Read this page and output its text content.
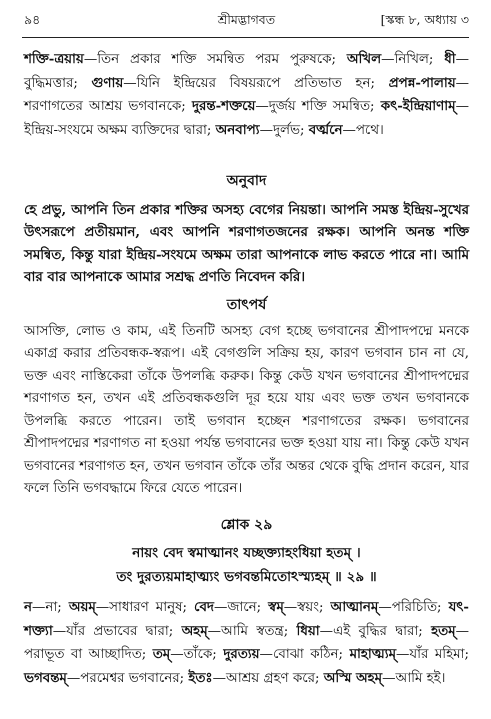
৯৪	শ্রীমদ্ভাগবত	[স্কন্ধ ৮, অধ্যায় ৩

শক্তি-ত্রয়ায়—তিন প্রকার শক্তি সমন্বিত পরম পুরুষকে; অখিল—নিখিল; ধী—বুদ্ধিমত্তার; গুণায়—যিনি ইন্দ্রিয়ের বিষয়রূপে প্রতিভাত হন; প্রপন্ন-পালায়—শরণাগতের আশ্রয় ভগবানকে; দুরন্ত-শক্তয়ে—দুর্জয় শক্তি সমন্বিত; কৎ-ইন্দ্রিয়াণাম্—ইন্দ্রিয়-সংযমে অক্ষম ব্যক্তিদের দ্বারা; অনবাপ্য—দুর্লভ; বর্ত্মনে—পথে।

অনুবাদ

হে প্রভু, আপনি তিন প্রকার শক্তির অসহ্য বেগের নিয়ন্তা। আপনি সমস্ত ইন্দ্রিয়-সুখের উৎসরূপে প্রতীয়মান, এবং আপনি শরণাগতজনের রক্ষক। আপনি অনন্ত শক্তি সমন্বিত, কিন্তু যারা ইন্দ্রিয়-সংযমে অক্ষম তারা আপনাকে লাভ করতে পারে না। আমি বার বার আপনাকে আমার সশ্রদ্ধ প্রণতি নিবেদন করি।

তাৎপর্য

আসক্তি, লোভ ও কাম, এই তিনটি অসহ্য বেগ হচ্ছে ভগবানের শ্রীপাদপদ্মে মনকে একাগ্র করার প্রতিবন্ধক-স্বরূপ। এই বেগগুলি সক্রিয় হয়, কারণ ভগবান চান না যে, ভক্ত এবং নাস্তিকেরা তাঁকে উপলব্ধি করুক। কিন্তু কেউ যখন ভগবানের শ্রীপাদপদ্মের শরণাগত হন, তখন এই প্রতিবন্ধকগুলি দূর হয়ে যায় এবং ভক্ত তখন ভগবানকে উপলব্ধি করতে পারেন। তাই ভগবান হচ্ছেন শরণাগতের রক্ষক। ভগবানের শ্রীপাদপদ্মের শরণাগত না হওয়া পর্যন্ত ভগবানের ভক্ত হওয়া যায় না। কিন্তু কেউ যখন ভগবানের শরণাগত হন, তখন ভগবান তাঁকে তাঁর অন্তর থেকে বুদ্ধি প্রদান করেন, যার ফলে তিনি ভগবদ্ধামে ফিরে যেতে পারেন।

শ্লোক ২৯
নায়ং বেদ স্বমাত্মানং যচ্ছক্ত্যাহংধিয়া হতম্ ।
তং দুরত্যয়মাহাত্ম্যং ভগবন্তমিতোঽস্ম্যহম্ ॥ ২৯ ॥

ন—না; অয়ম্—সাধারণ মানুষ; বেদ—জানে; স্বম্—স্বয়ং; আত্মানম্—পরিচিতি; যৎ-শক্ত্যা—যাঁর প্রভাবের দ্বারা; অহম্—আমি স্বতন্ত্র; ধিয়া—এই বুদ্ধির দ্বারা; হতম্—পরাভূত বা আচ্ছাদিত; তম্—তাঁকে; দুরত্যয়—বোঝা কঠিন; মাহাত্ম্যম্—যাঁর মহিমা; ভগবন্তম্—পরমেশ্বর ভগবানের; ইতঃ—আশ্রয় গ্রহণ করে; অস্মি অহম্—আমি হই।
